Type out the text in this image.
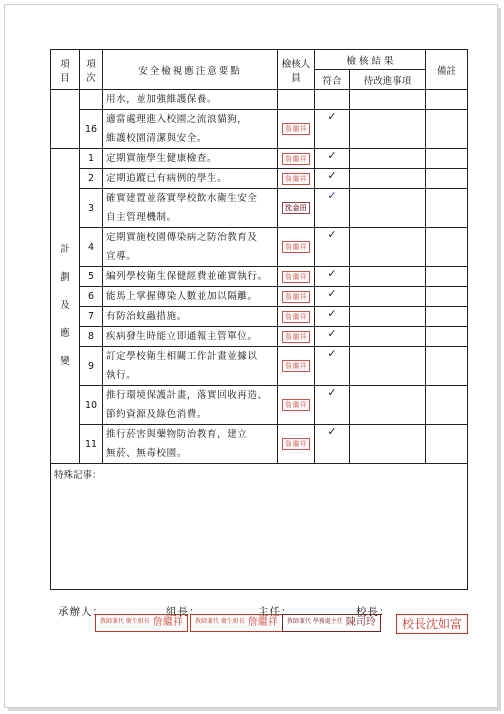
項 目	項 次	安全檢視應注意要點	檢核人員	檢 核 結 果		備註
				符合	待改進事項	

		用水，並加強維護保養。				

	16	適當處理進入校園之流浪貓狗，
維護校園清潔與安全。	詹繼祥	✓		

計 劃 及 應 變	1	定期實施學生健康檢查。	詹繼祥	✓		
	2	定期追蹤已有病例的學生。	詹繼祥	✓		
	3	確實建置並落實學校飲水衛生安全
自主管理機制。	沈金田	✓		
	4	定期實施校園傳染病之防治教育及
宣導。	詹繼祥	✓		
	5	編列學校衛生保健經費並確實執行。	詹繼祥	✓		
	6	能馬上掌握傳染人數並加以隔離。	詹繼祥	✓		
	7	有防治蚊蟲措施。	詹繼祥	✓		
	8	疾病發生時能立即通報主管單位。	詹繼祥	✓		
	9	訂定學校衛生相關工作計畫並據以
執行。	詹繼祥	✓		
	10	推行環境保護計畫，落實回收再造、
節約資源及綠色消費。	詹繼祥	✓		
	11	推行菸害與藥物防治教育，建立
無菸、無毒校園。	詹繼祥	✓		
特殊記事：						
承辦人：	組長：	主任：	校長：
教師兼代 衛生組長 詹繼祥	教師兼代 衛生組長 詹繼祥	教師兼代 學務處主任 陳司玲	校長沈如富
